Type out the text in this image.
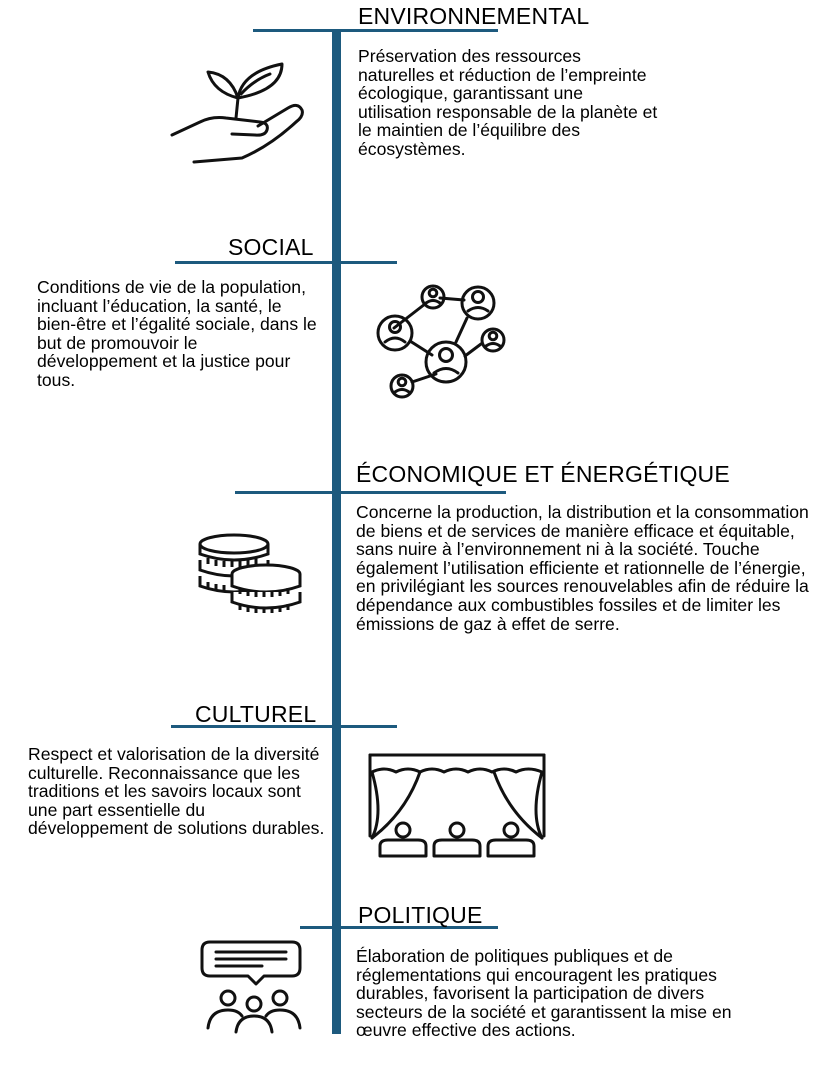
ENVIRONNEMENTAL
Préservation des ressources naturelles et réduction de l’empreinte écologique, garantissant une utilisation responsable de la planète et le maintien de l’équilibre des écosystèmes.
SOCIAL
Conditions de vie de la population, incluant l’éducation, la santé, le bien-être et l’égalité sociale, dans le but de promouvoir le développement et la justice pour tous.
ÉCONOMIQUE ET ÉNERGÉTIQUE
Concerne la production, la distribution et la consommation de biens et de services de manière efficace et équitable, sans nuire à l’environnement ni à la société. Touche également l’utilisation efficiente et rationnelle de l’énergie, en privilégiant les sources renouvelables afin de réduire la dépendance aux combustibles fossiles et de limiter les émissions de gaz à effet de serre.
CULTUREL
Respect et valorisation de la diversité culturelle. Reconnaissance que les traditions et les savoirs locaux sont une part essentielle du développement de solutions durables.
POLITIQUE
Élaboration de politiques publiques et de réglementations qui encouragent les pratiques durables, favorisent la participation de divers secteurs de la société et garantissent la mise en œuvre effective des actions.
